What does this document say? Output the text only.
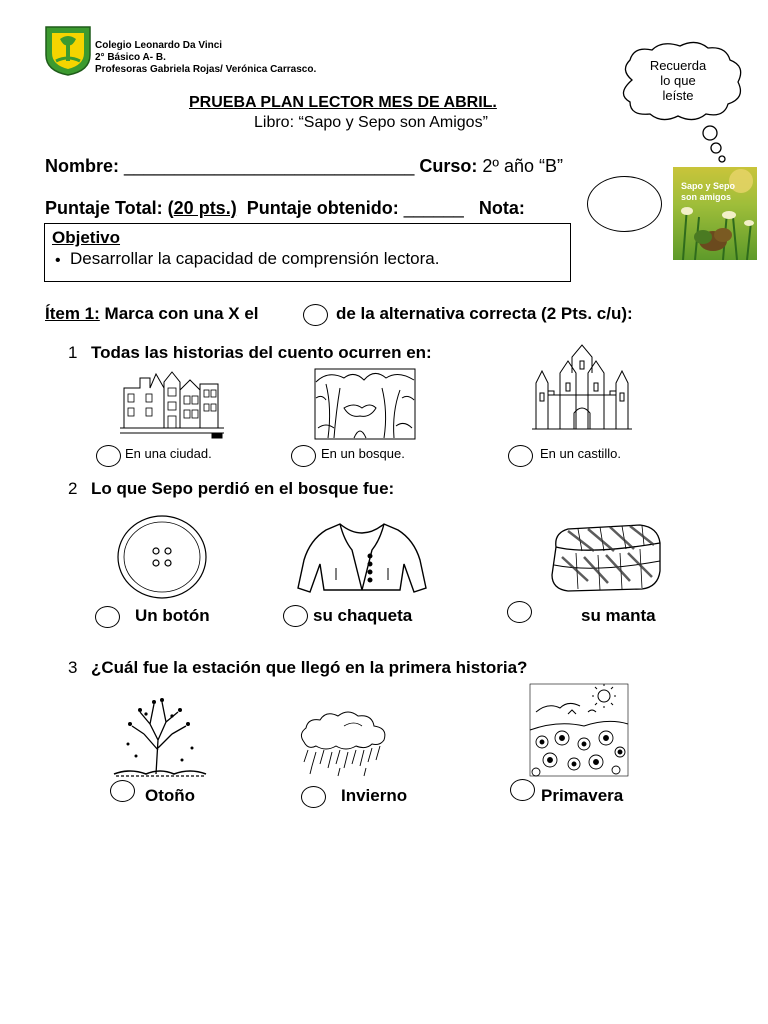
Colegio Leonardo Da Vinci
2° Básico A- B.
Profesoras Gabriela Rojas/ Verónica Carrasco.	Recuerda
lo que
leíste
Sapo y Sepo
son amigos
PRUEBA PLAN LECTOR MES DE ABRIL.
Libro: “Sapo y Sepo son Amigos”
Nombre: _____________________________ Curso: 2º año “B”
Puntaje Total: (20 pts.) Puntaje obtenido: ______ Nota:
Objetivo
• Desarrollar la capacidad de comprensión lectora.
Ítem 1: Marca con una X el	de la alternativa correcta (2 Pts. c/u):
1 Todas las historias del cuento ocurren en:
En una ciudad.	En un bosque.	En un castillo.
2 Lo que Sepo perdió en el bosque fue:
Un botón	su chaqueta	su manta
3 ¿Cuál fue la estación que llegó en la primera historia?
Otoño	Invierno	Primavera
